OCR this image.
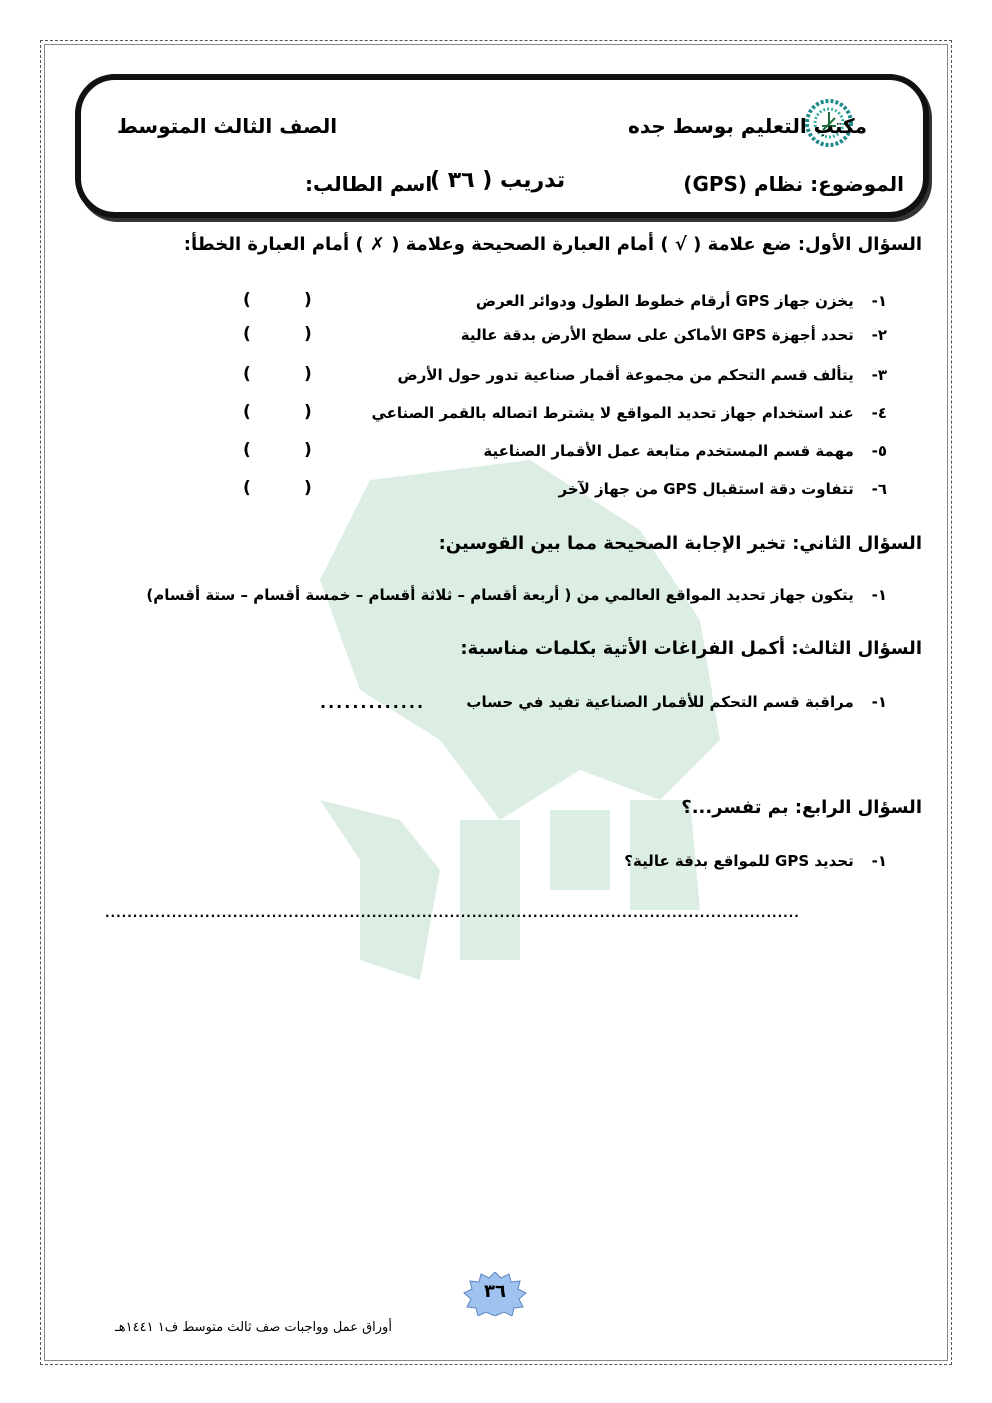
مكتب التعليم بوسط جده
الصف الثالث المتوسط
الموضوع: نظام (GPS)
تدريب ( ٣٦ )
اسم الطالب:
السؤال الأول: ضع علامة ( √ ) أمام العبارة الصحيحة وعلامة ( ✗ ) أمام العبارة الخطأ:
١- يخزن جهاز GPS أرقام خطوط الطول ودوائر العرض
(         )
٢- تحدد أجهزة GPS الأماكن على سطح الأرض بدقة عالية
(         )
٣- يتألف قسم التحكم من مجموعة أقمار صناعية تدور حول الأرض
(         )
٤- عند استخدام جهاز تحديد المواقع لا يشترط اتصاله بالقمر الصناعي
(         )
٥- مهمة قسم المستخدم متابعة عمل الأقمار الصناعية
(         )
٦- تتفاوت دقة استقبال GPS من جهاز لآخر
(         )
السؤال الثاني: تخير الإجابة الصحيحة مما بين القوسين:
١- يتكون جهاز تحديد المواقع العالمي من ( أربعة أقسام – ثلاثة أقسام – خمسة أقسام – ستة أقسام)
السؤال الثالث: أكمل الفراغات الأتية بكلمات مناسبة:
١- مراقبة قسم التحكم للأقمار الصناعية تفيد في حساب
.............
السؤال الرابع: بم تفسر...؟
١- تحديد GPS للمواقع بدقة عالية؟
.............................................................................................................................
٣٦
أوراق عمل وواجبات صف ثالث متوسط ف١ ١٤٤١هـ
